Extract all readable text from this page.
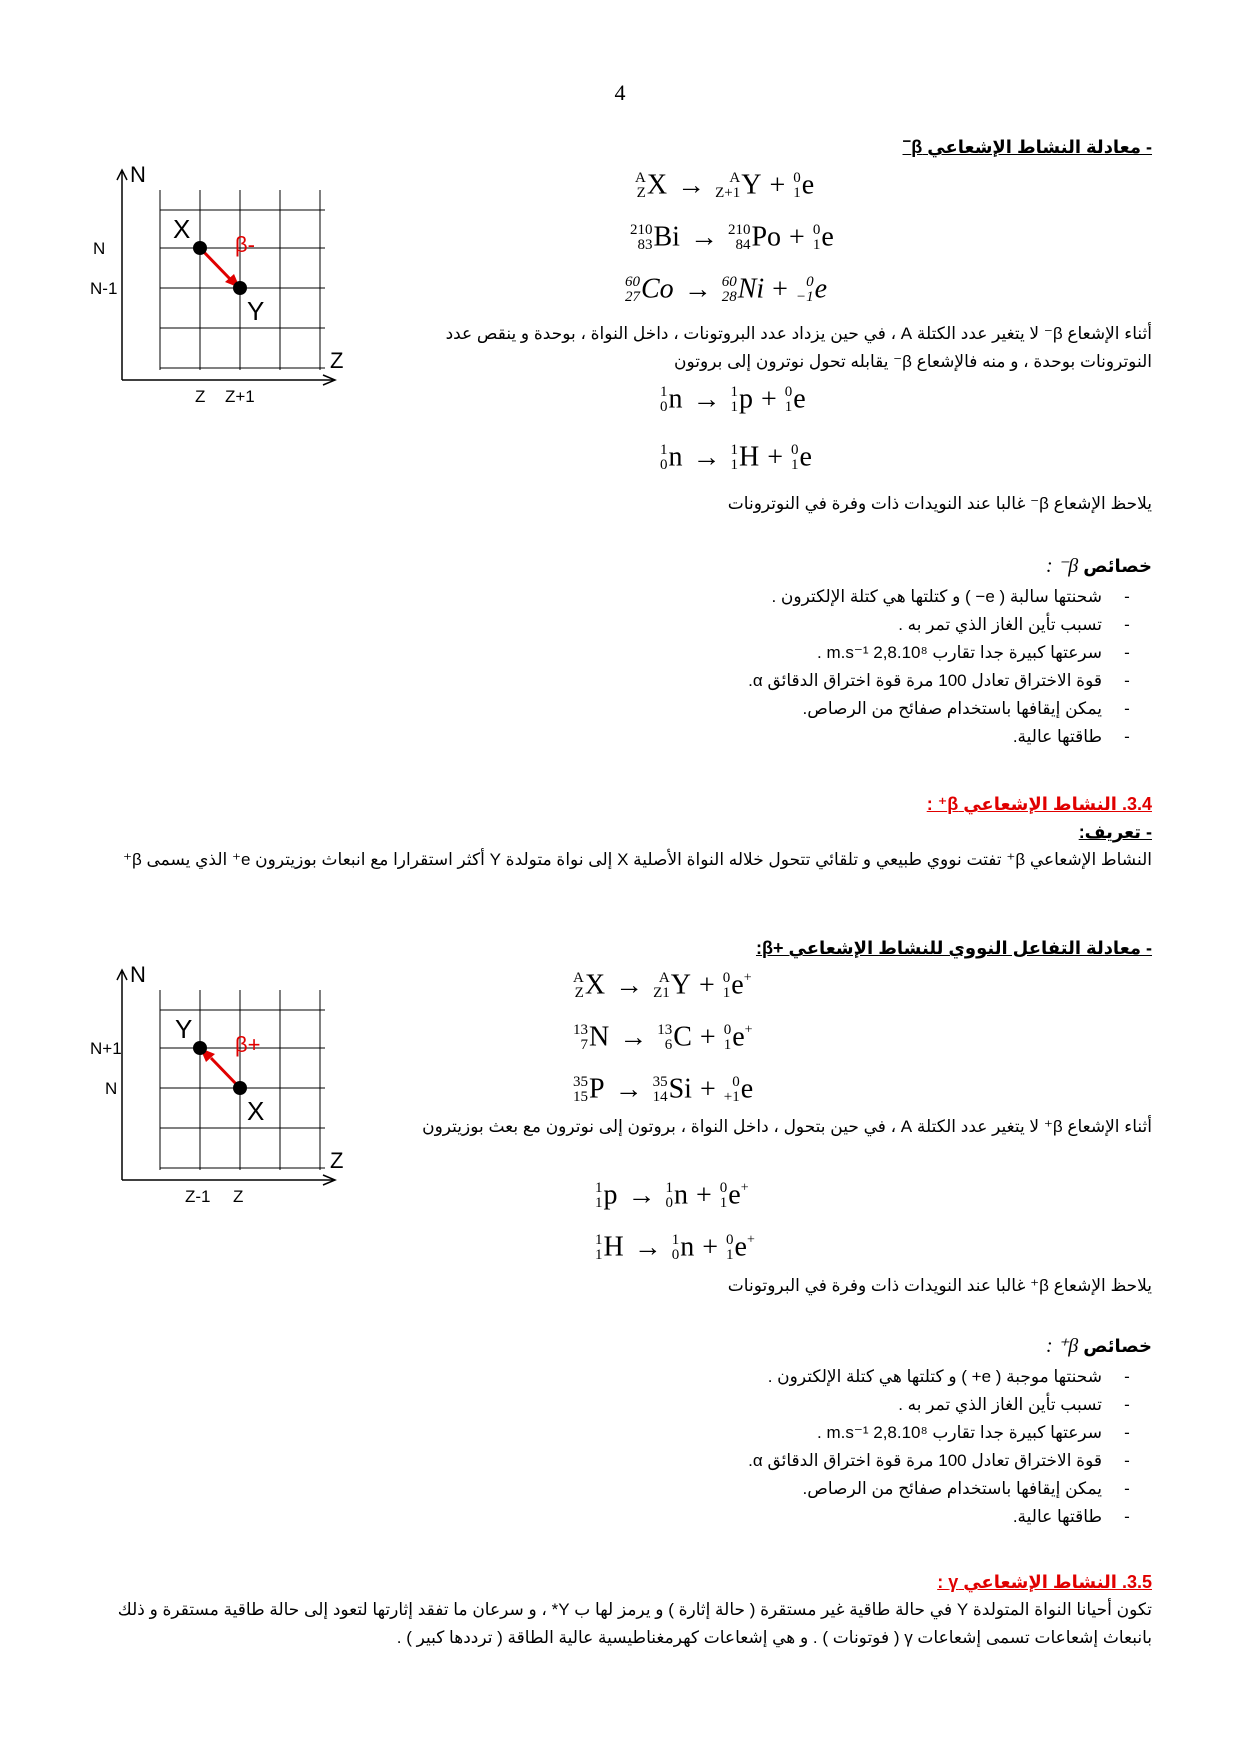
4
- معادلة النشاط الإشعاعي β−
N
Z
N
N-1
Z Z+1
X
Y
β-
A
Z X → A
Z+1 Y + 0
1 e
210
83 Bi → 210
84 Po + 0
1 e
60
27 Co → 60
28 Ni + 0
−1 e
أثناء الإشعاع β⁻ لا يتغير عدد الكتلة A ، في حين يزداد عدد البروتونات ، داخل النواة ، بوحدة و ينقص عدد النوترونات بوحدة ، و منه فالإشعاع β⁻ يقابله تحول نوترون إلى بروتون
1
0 n → 1
1 p + 0
1 e
1
0 n → 1
1 H + 0
1 e
يلاحظ الإشعاع β⁻ غالبا عند النويدات ذات وفرة في النوترونات
خصائص β⁻ :
- شحنتها سالبة ( e− ) و كتلتها هي كتلة الإلكترون .
- تسبب تأين الغاز الذي تمر به .
- سرعتها كبيرة جدا تقارب 2,8.10⁸ m.s⁻¹ .
- قوة الاختراق تعادل 100 مرة قوة اختراق الدقائق α.
- يمكن إيقافها باستخدام صفائح من الرصاص.
- طاقتها عالية.
3.4. النشاط الإشعاعي β⁺ :
- تعريف:
النشاط الإشعاعي β⁺ تفتت نووي طبيعي و تلقائي تتحول خلاله النواة الأصلية X إلى نواة متولدة Y أكثر استقرارا مع انبعاث بوزيترون e⁺ الذي يسمى β⁺
- معادلة التفاعل النووي للنشاط الإشعاعي +β:
N
Z
N+1
N
Z-1 Z
Y
X
β+
A
Z X → A
Z1 Y + 0
1 e+
13
7 N → 13
6 C + 0
1 e+
35
15 P → 35
14 Si + 0
+1 e
أثناء الإشعاع β⁺ لا يتغير عدد الكتلة A ، في حين بتحول ، داخل النواة ، بروتون إلى نوترون مع بعث بوزيترون
1
1 p → 1
0 n + 0
1 e+
1
1 H → 1
0 n + 0
1 e+
يلاحظ الإشعاع β⁺ غالبا عند النويدات ذات وفرة في البروتونات
خصائص β⁺ :
- شحنتها موجبة ( e+ ) و كتلتها هي كتلة الإلكترون .
- تسبب تأين الغاز الذي تمر به .
- سرعتها كبيرة جدا تقارب 2,8.10⁸ m.s⁻¹ .
- قوة الاختراق تعادل 100 مرة قوة اختراق الدقائق α.
- يمكن إيقافها باستخدام صفائح من الرصاص.
- طاقتها عالية.
3.5. النشاط الإشعاعي γ :
تكون أحيانا النواة المتولدة Y في حالة طاقية غير مستقرة ( حالة إثارة ) و يرمز لها ب Y* ، و سرعان ما تفقد إثارتها لتعود إلى حالة طاقية مستقرة و ذلك بانبعاث إشعاعات تسمى إشعاعات γ ( فوتونات ) . و هي إشعاعات كهرمغناطيسية عالية الطاقة ( ترددها كبير ) .
